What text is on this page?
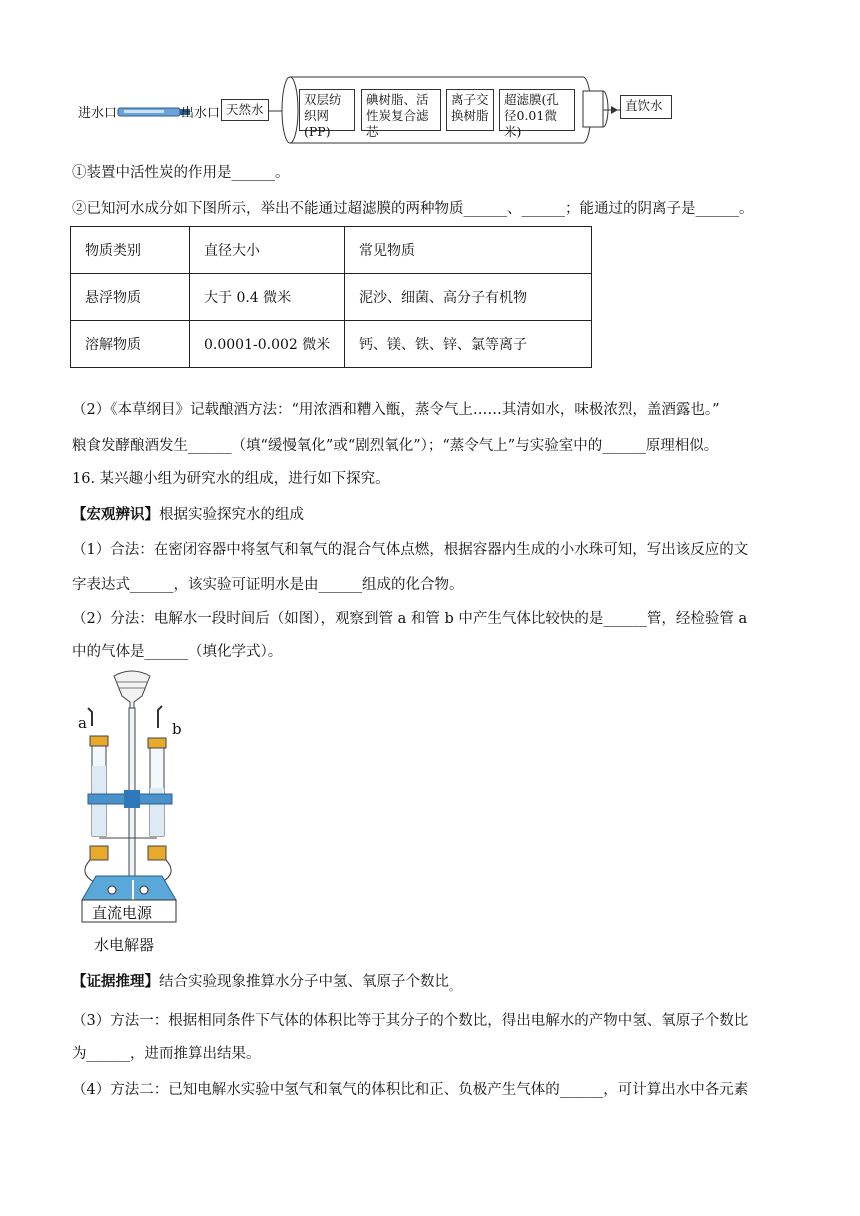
进水口	出水口 天然水
双层纺织网(PP)
碘树脂、活性炭复合滤芯
离子交换树脂
超滤膜(孔径0.01微米)
直饮水
①装置中活性炭的作用是______。
②已知河水成分如下图所示，举出不能通过超滤膜的两种物质______、______；能通过的阴离子是______。
物质类别	直径大小	常见物质
悬浮物质	大于 0.4 微米	泥沙、细菌、高分子有机物
溶解物质	0.0001-0.002 微米	钙、镁、铁、锌、氯等离子
（2）《本草纲目》记载酿酒方法：“用浓酒和糟入甑，蒸令气上……其清如水，味极浓烈，盖酒露也。”
粮食发酵酿酒发生______（填“缓慢氧化”或“剧烈氧化”）；“蒸令气上”与实验室中的______原理相似。
16. 某兴趣小组为研究水的组成，进行如下探究。
【宏观辨识】根据实验探究水的组成
（1）合法：在密闭容器中将氢气和氧气的混合气体点燃，根据容器内生成的小水珠可知，写出该反应的文
字表达式______，该实验可证明水是由______组成的化合物。
（2）分法：电解水一段时间后（如图），观察到管 a 和管 b 中产生气体比较快的是______管，经检验管 a
中的气体是______（填化学式）。
a	b
直流电源
水电解器
【证据推理】结合实验现象推算水分子中氢、氧原子个数比$_。$
（3）方法一：根据相同条件下气体的体积比等于其分子的个数比，得出电解水的产物中氢、氧原子个数比
为______，进而推算出结果。
（4）方法二：已知电解水实验中氢气和氧气的体积比和正、负极产生气体的______，可计算出水中各元素
